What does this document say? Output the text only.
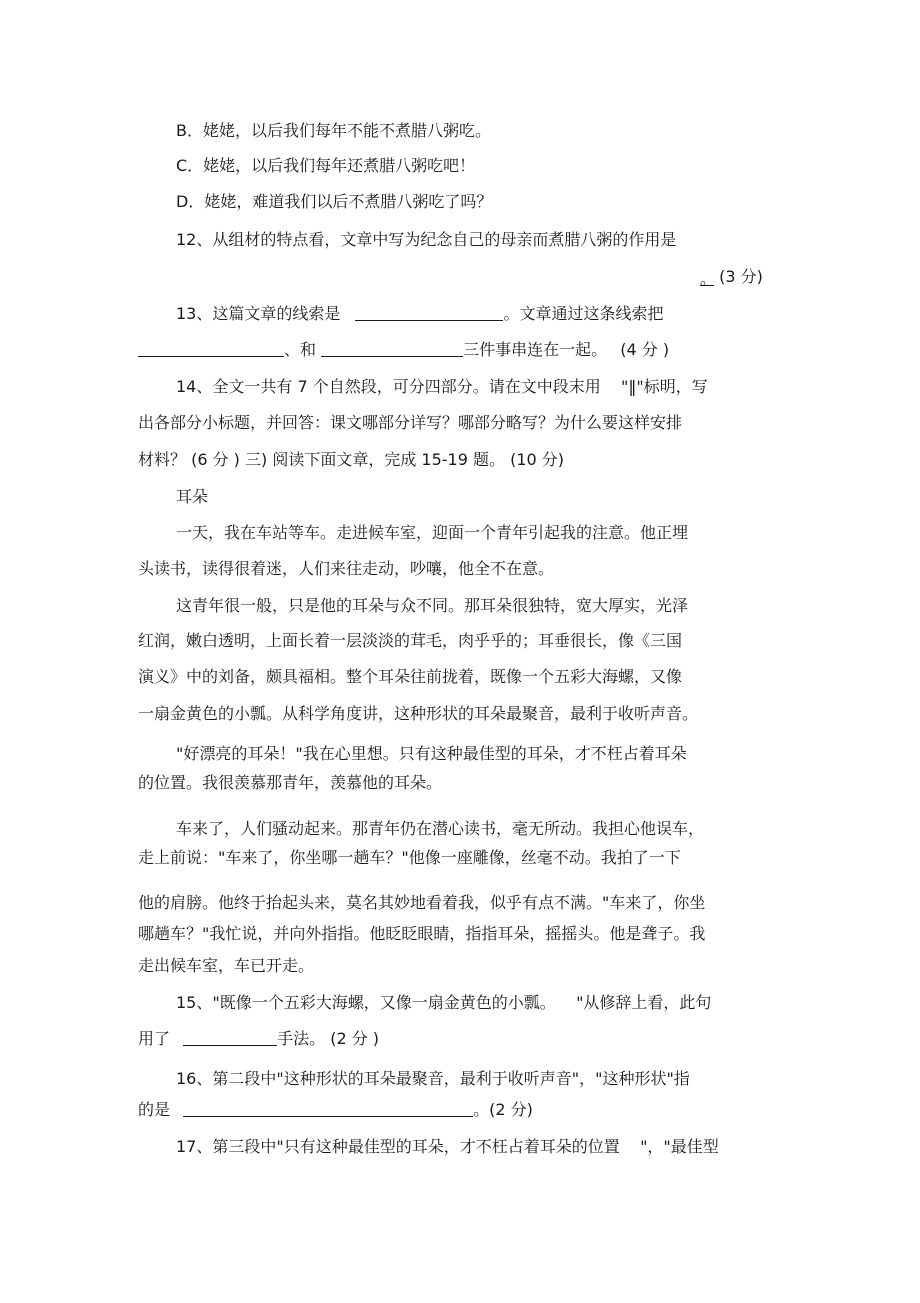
B．姥姥，以后我们每年不能不煮腊八粥吃。
C．姥姥，以后我们每年还煮腊八粥吃吧！
D．姥姥，难道我们以后不煮腊八粥吃了吗？
12、从组材的特点看，文章中写为纪念自己的母亲而煮腊八粥的作用是
。 (3 分)
13、这篇文章的线索是	。文章通过这条线索把
、和	三件事串连在一起。 (4 分 )
14、全文一共有 7 个自然段，可分四部分。请在文中段末用    "‖"标明，写
出各部分小标题，并回答：课文哪部分详写？哪部分略写？为什么要这样安排
材料？ (6 分 ) 三) 阅读下面文章，完成 15-19 题。 (10 分)
耳朵
一天，我在车站等车。走进候车室，迎面一个青年引起我的注意。他正埋
头读书，读得很着迷，人们来往走动，吵嚷，他全不在意。
这青年很一般，只是他的耳朵与众不同。那耳朵很独特，宽大厚实，光泽
红润，嫩白透明，上面长着一层淡淡的茸毛，肉乎乎的；耳垂很长，像《三国
演义》中的刘备，颇具福相。整个耳朵往前拢着，既像一个五彩大海螺，又像
一扇金黄色的小瓢。从科学角度讲，这种形状的耳朵最聚音，最利于收听声音。
"好漂亮的耳朵！"我在心里想。只有这种最佳型的耳朵，才不枉占着耳朵
的位置。我很羡慕那青年，羡慕他的耳朵。
车来了，人们骚动起来。那青年仍在潜心读书，毫无所动。我担心他误车，
走上前说："车来了，你坐哪一趟车？"他像一座雕像，丝毫不动。我拍了一下
他的肩膀。他终于抬起头来，莫名其妙地看着我，似乎有点不满。"车来了，你坐
哪趟车？"我忙说，并向外指指。他眨眨眼睛，指指耳朵，摇摇头。他是聋子。我
走出候车室，车已开走。
15、"既像一个五彩大海螺，又像一扇金黄色的小瓢。    "从修辞上看，此句
用了	手法。 (2 分 )
16、第二段中"这种形状的耳朵最聚音，最利于收听声音"，"这种形状"指
的是	。(2 分)
17、第三段中"只有这种最佳型的耳朵，才不枉占着耳朵的位置    "，"最佳型
